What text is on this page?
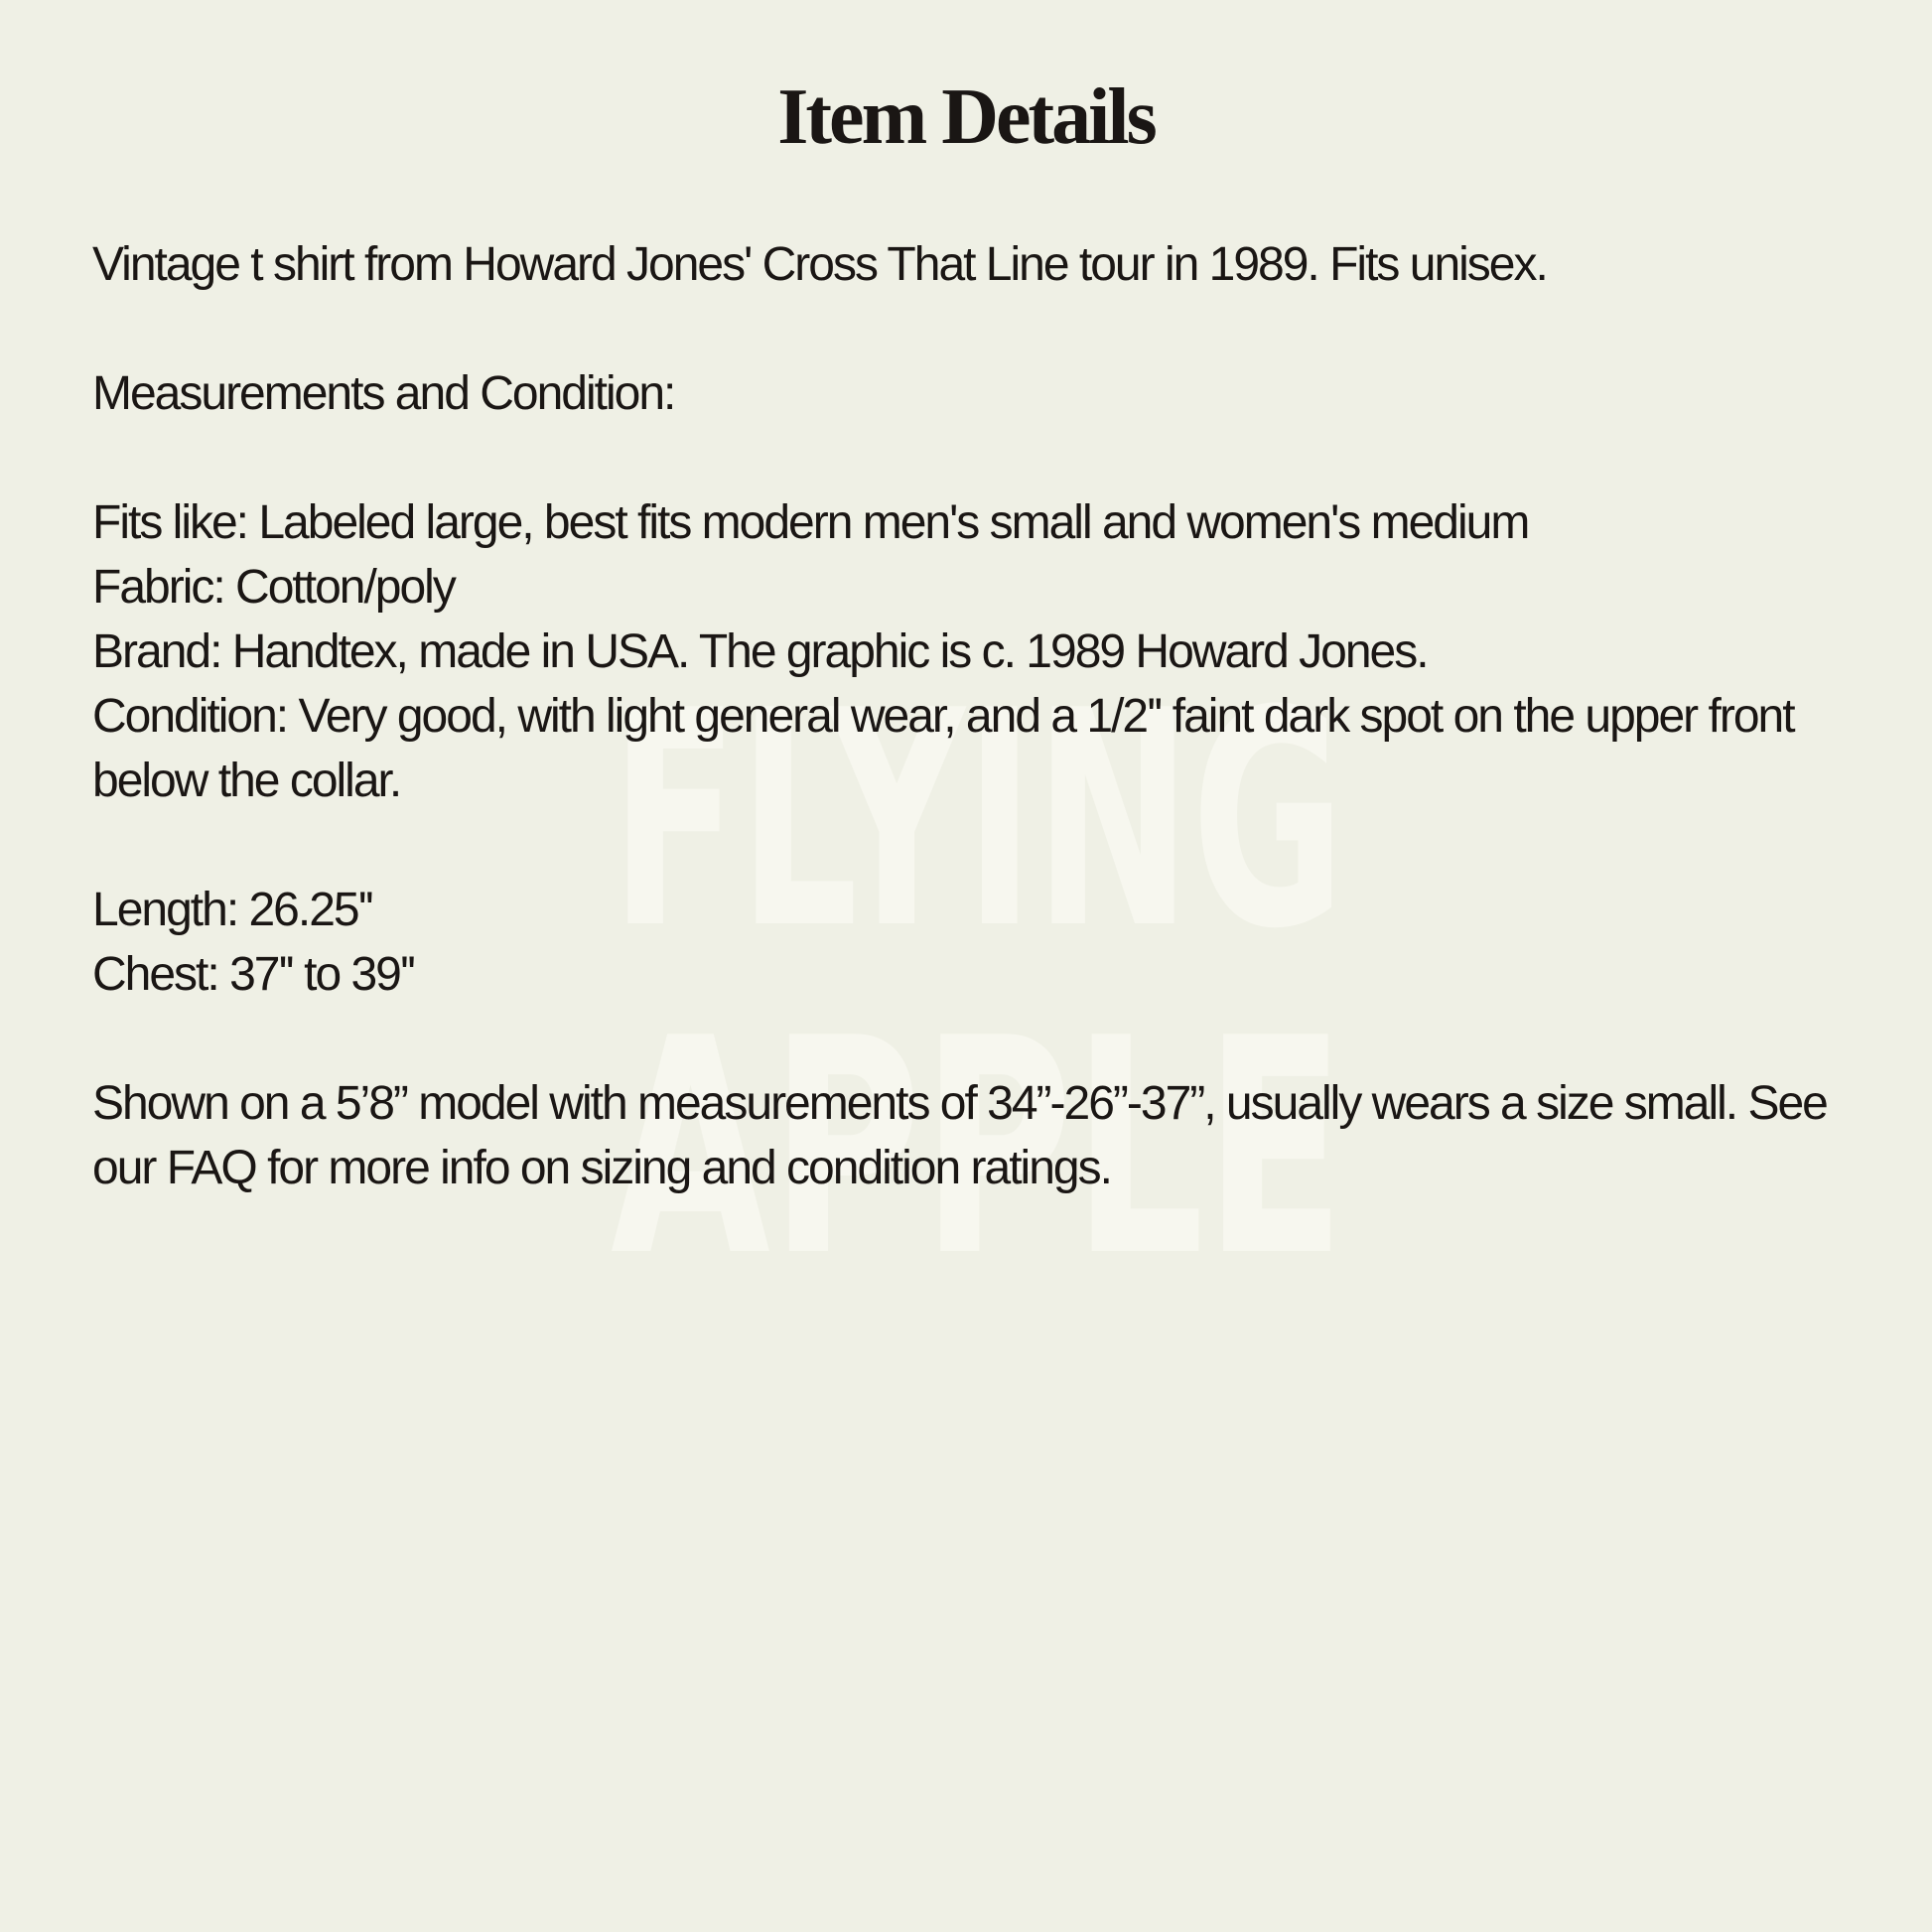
FLYING
APPLE
Item Details

Vintage t shirt from Howard Jones' Cross That Line tour in 1989. Fits unisex.

Measurements and Condition:

Fits like: Labeled large, best fits modern men's small and women's medium

Fabric: Cotton/poly

Brand: Handtex, made in USA. The graphic is c. 1989 Howard Jones.

Condition: Very good, with light general wear, and a 1/2'' faint dark spot on the upper front below the collar.

Length: 26.25''

Chest: 37'' to 39''

Shown on a 5’8” model with measurements of 34”-26”-37”, usually wears a size small. See our FAQ for more info on sizing and condition ratings.
